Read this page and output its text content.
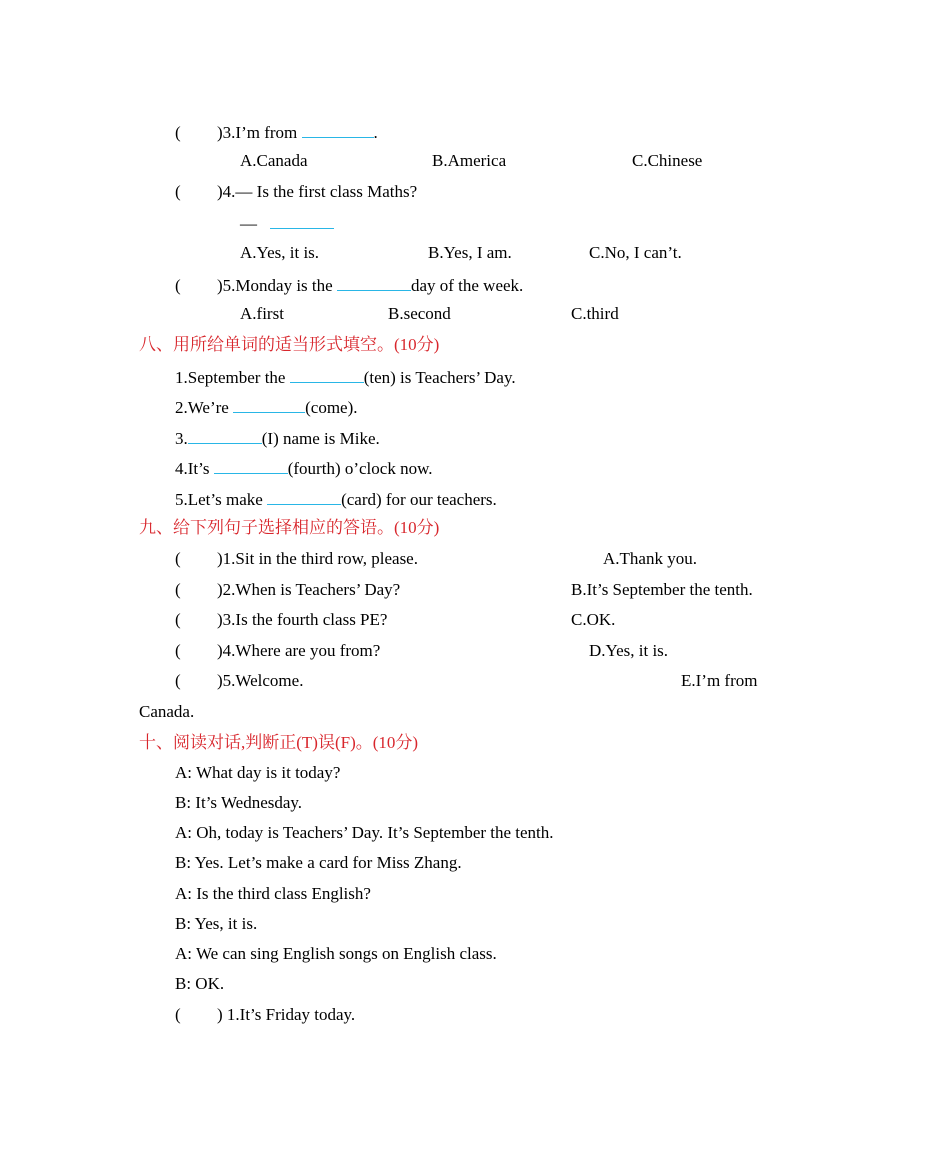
( )3.I’m from	.
A.Canada	B.America	C.Chinese
( )4.— Is the first class Maths?
—
A.Yes, it is.	B.Yes, I am.	C.No, I can’t.
( )5.Monday is the	day of the week.
A.first	B.second	C.third
八、用所给单词的适当形式填空。(10分)
1.September the	(ten) is Teachers’ Day.
2.We’re	(come).
3.	(I) name is Mike.
4.It’s	(fourth) o’clock now.
5.Let’s make	(card) for our teachers.
九、给下列句子选择相应的答语。(10分)
( )1.Sit in the third row, please.	A.Thank you.
( )2.When is Teachers’ Day?	B.It’s September the tenth.
( )3.Is the fourth class PE?	C.OK.
( )4.Where are you from?	D.Yes, it is.
( )5.Welcome.	E.I’m from
Canada.
十、阅读对话,判断正(T)误(F)。(10分)
A: What day is it today?
B: It’s Wednesday.
A: Oh, today is Teachers’ Day. It’s September the tenth.
B: Yes. Let’s make a card for Miss Zhang.
A: Is the third class English?
B: Yes, it is.
A: We can sing English songs on English class.
B: OK.
( ) 1.It’s Friday today.
